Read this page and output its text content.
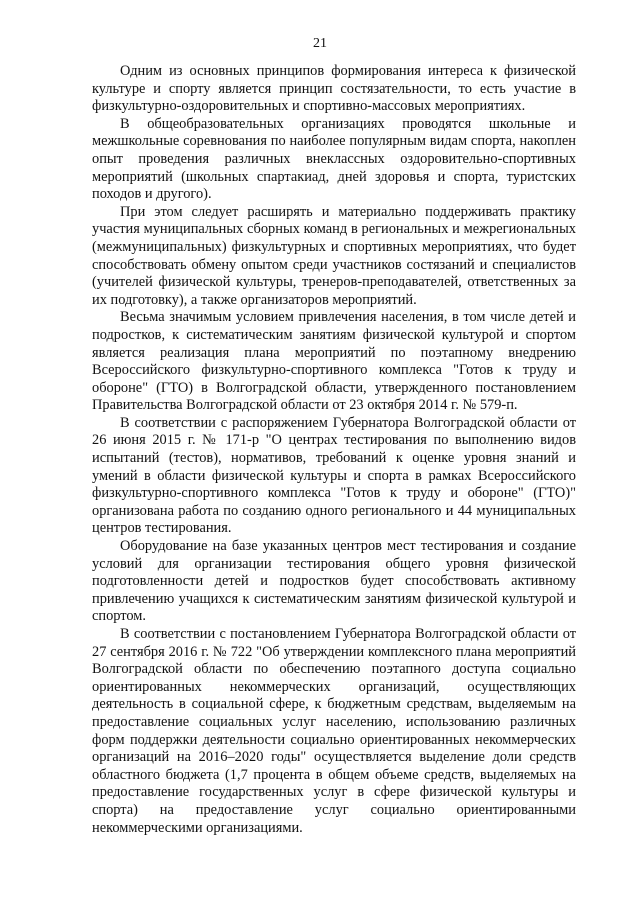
21

Одним из основных принципов формирования интереса к физической культуре и спорту является принцип состязательности, то есть участие в физкультурно-оздоровительных и спортивно-массовых мероприятиях.

В общеобразовательных организациях проводятся школьные и межшкольные соревнования по наиболее популярным видам спорта, накоплен опыт проведения различных внеклассных оздоровительно-спортивных мероприятий (школьных спартакиад, дней здоровья и спорта, туристских походов и другого).

При этом следует расширять и материально поддерживать практику участия муниципальных сборных команд в региональных и межрегиональных (межмуниципальных) физкультурных и спортивных мероприятиях, что будет способствовать обмену опытом среди участников состязаний и специалистов (учителей физической культуры, тренеров-преподавателей, ответственных за их подготовку), а также организаторов мероприятий.

Весьма значимым условием привлечения населения, в том числе детей и подростков, к систематическим занятиям физической культурой и спортом является реализация плана мероприятий по поэтапному внедрению Всероссийского физкультурно-спортивного комплекса "Готов к труду и обороне" (ГТО) в Волгоградской области, утвержденного постановлением Правительства Волгоградской области от 23 октября 2014 г. № 579-п.

В соответствии с распоряжением Губернатора Волгоградской области от 26 июня 2015 г. № 171-р "О центрах тестирования по выполнению видов испытаний (тестов), нормативов, требований к оценке уровня знаний и умений в области физической культуры и спорта в рамках Всероссийского физкультурно-спортивного комплекса "Готов к труду и обороне" (ГТО)" организована работа по созданию одного регионального и 44 муниципальных центров тестирования.

Оборудование на базе указанных центров мест тестирования и создание условий для организации тестирования общего уровня физической подготовленности детей и подростков будет способствовать активному привлечению учащихся к систематическим занятиям физической культурой и спортом.

В соответствии с постановлением Губернатора Волгоградской области от 27 сентября 2016 г. № 722 "Об утверждении комплексного плана мероприятий Волгоградской области по обеспечению поэтапного доступа социально ориентированных некоммерческих организаций, осуществляющих деятельность в социальной сфере, к бюджетным средствам, выделяемым на предоставление социальных услуг населению, использованию различных форм поддержки деятельности социально ориентированных некоммерческих организаций на 2016–2020 годы" осуществляется выделение доли средств областного бюджета (1,7 процента в общем объеме средств, выделяемых на предоставление государственных услуг в сфере физической культуры и спорта) на предоставление услуг социально ориентированными некоммерческими организациями.
